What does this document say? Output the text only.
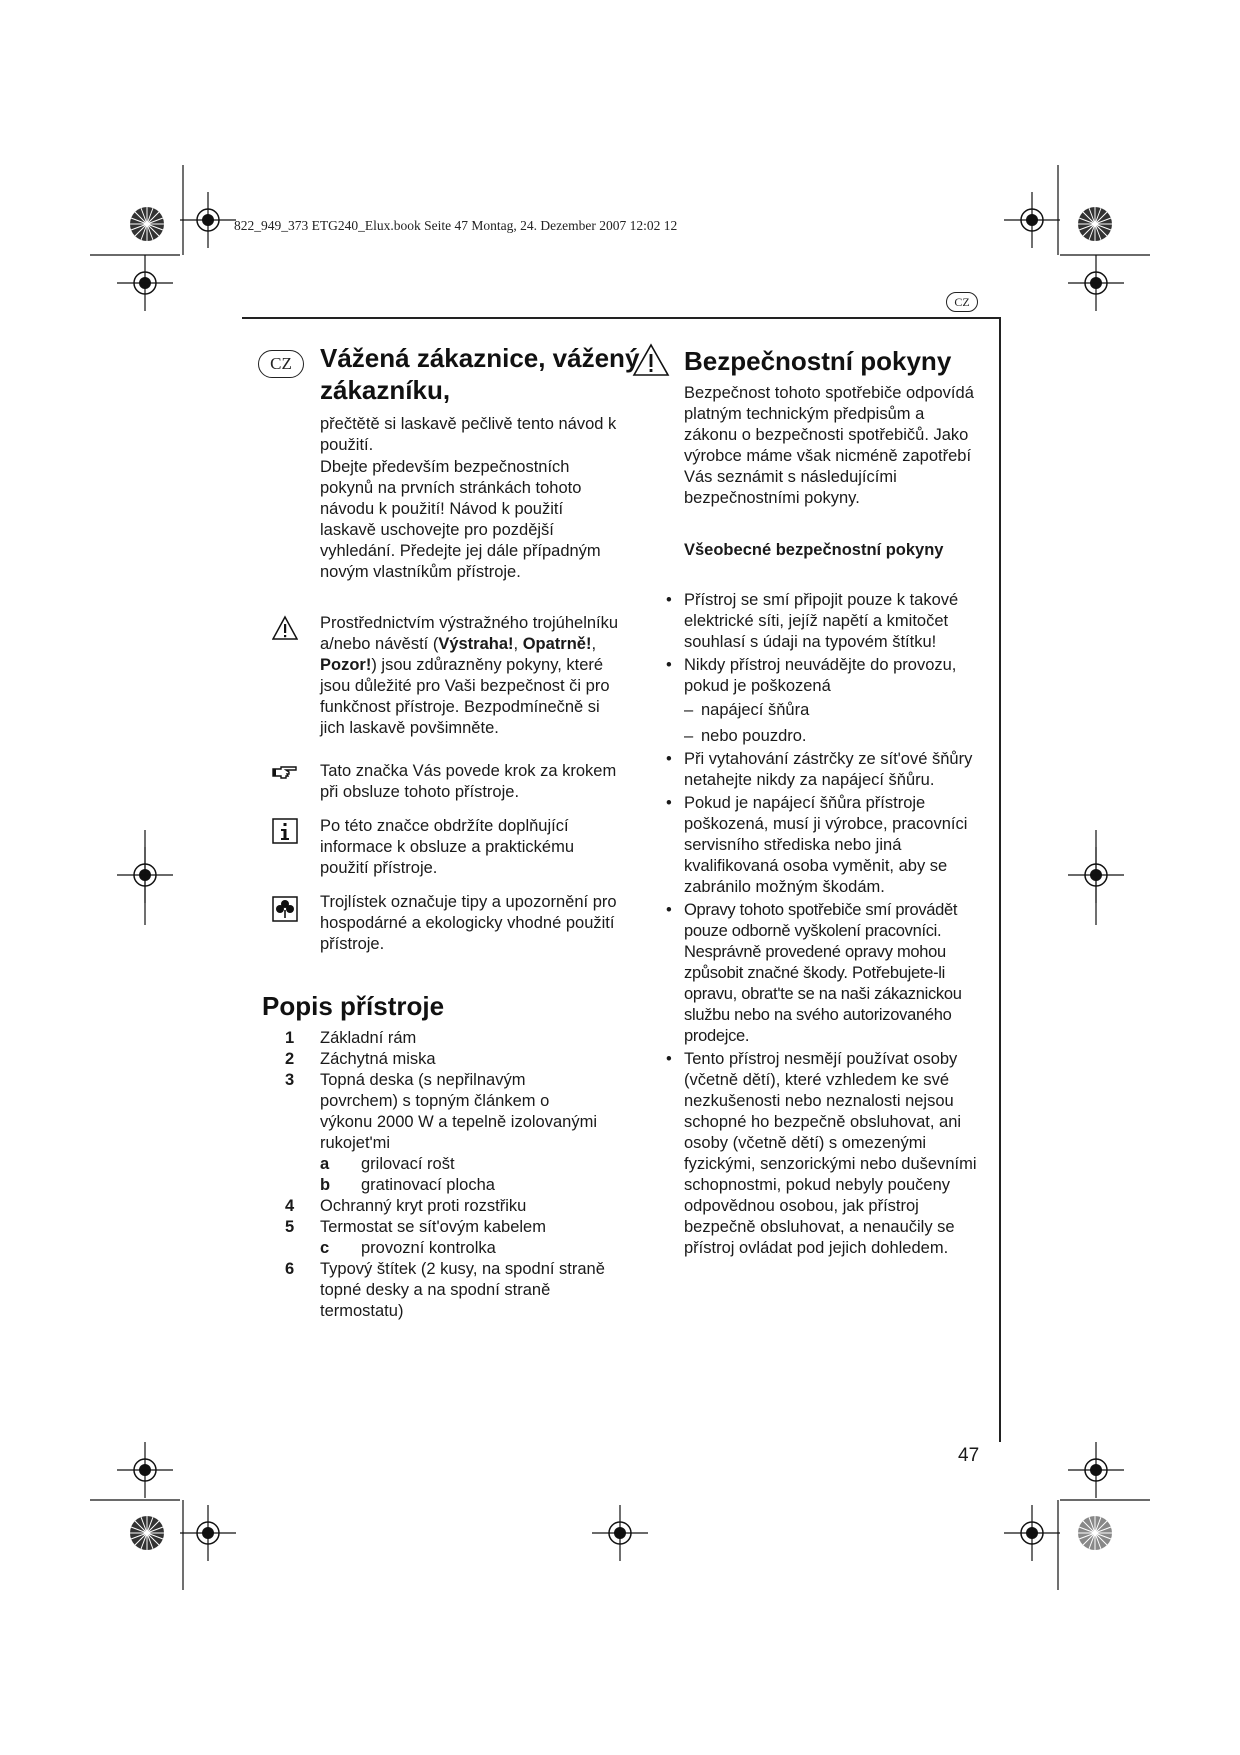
822_949_373 ETG240_Elux.book Seite 47 Montag, 24. Dezember 2007 12:02 12
CZ
CZ	Vážená zákaznice, vážený zákazníku,

přečtětě si laskavě pečlivě tento návod k použití.

Dbejte především bezpečnostních pokynů na prvních stránkách tohoto návodu k použití! Návod k použití laskavě uschovejte pro pozdější vyhledání. Předejte jej dále případným novým vlastníkům přístroje.

Prostřednictvím výstražného trojúhelníku a/nebo návěstí (Výstraha!, Opatrně!, Pozor!) jsou zdůrazněny pokyny, které jsou důležité pro Vaši bezpečnost či pro funkčnost přístroje. Bezpodmínečně si jich laskavě povšimněte.

Tato značka Vás povede krok za krokem při obsluze tohoto přístroje.

Po této značce obdržíte doplňující informace k obsluze a praktickému použití přístroje.

Trojlístek označuje tipy a upozornění pro hospodárné a ekologicky vhodné použití přístroje.

Popis přístroje
1 Základní rám
2 Záchytná miska
3 Topná deska (s nepřilnavým povrchem) s topným článkem o výkonu 2000 W a tepelně izolovanými rukojet'mi
a grilovací rošt
b gratinovací plocha
4 Ochranný kryt proti rozstřiku
5 Termostat se sít'ovým kabelem
c provozní kontrolka
6 Typový štítek (2 kusy, na spodní straně topné desky a na spodní straně termostatu)
Bezpečnostní pokyny

Bezpečnost tohoto spotřebiče odpovídá platným technickým předpisům a zákonu o bezpečnosti spotřebičů. Jako výrobce máme však nicméně zapotřebí Vás seznámit s následujícími bezpečnostními pokyny.

Všeobecné bezpečnostní pokyny
• Přístroj se smí připojit pouze k takové elektrické síti, jejíž napětí a kmitočet souhlasí s údaji na typovém štítku!
• Nikdy přístroj neuvádějte do provozu, pokud je poškozená
– napájecí šňůra
– nebo pouzdro.
• Při vytahování zástrčky ze sít'ové šňůry netahejte nikdy za napájecí šňůru.
• Pokud je napájecí šňůra přístroje poškozená, musí ji výrobce, pracovníci servisního střediska nebo jiná kvalifikovaná osoba vyměnit, aby se zabránilo možným škodám.
• Opravy tohoto spotřebiče smí provádět pouze odborně vyškolení pracovníci. Nesprávně provedené opravy mohou způsobit značné škody. Potřebujete-li opravu, obrat'te se na naši zákaznickou službu nebo na svého autorizovaného prodejce.
• Tento přístroj nesmějí používat osoby (včetně dětí), které vzhledem ke své nezkušenosti nebo neznalosti nejsou schopné ho bezpečně obsluhovat, ani osoby (včetně dětí) s omezenými fyzickými, senzorickými nebo duševními schopnostmi, pokud nebyly poučeny odpovědnou osobou, jak přístroj bezpečně obsluhovat, a nenaučily se přístroj ovládat pod jejich dohledem.
47
